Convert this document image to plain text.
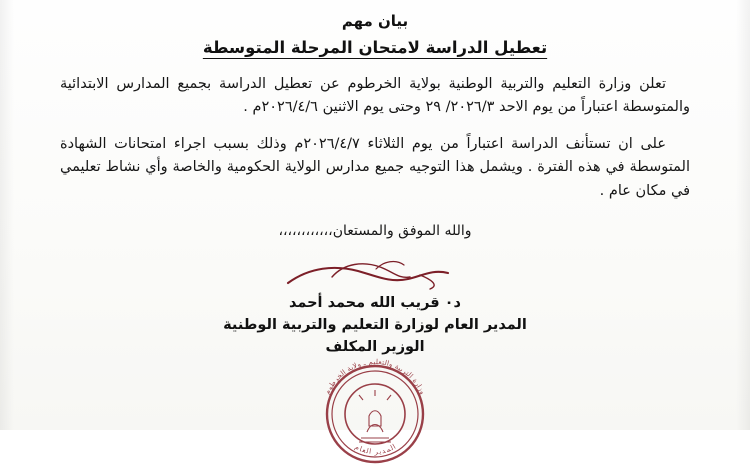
بيان مهم
تعطيل الدراسة لامتحان المرحلة المتوسطة
تعلن وزارة التعليم والتربية الوطنية بولاية الخرطوم عن تعطيل الدراسة بجميع المدارس الابتدائية والمتوسطة اعتباراً من يوم الاحد ٢٠٢٦/٣/ ٢٩ وحتى يوم الاثنين ٢٠٢٦/٤/٦م .
على ان تستأنف الدراسة اعتباراً من يوم الثلاثاء ٢٠٢٦/٤/٧م وذلك بسبب اجراء امتحانات الشهادة المتوسطة في هذه الفترة . ويشمل هذا التوجيه جميع مدارس الولاية الحكومية والخاصة وأي نشاط تعليمي في مكان عام .
والله الموفق والمستعان،،،،،،،،،،،،
د٠ قريب الله محمد أحمد
المدير العام لوزارة التعليم والتربية الوطنية
الوزير المكلف
وزارة التربية والتعليم ـ ولاية الخرطوم
المدير العام
